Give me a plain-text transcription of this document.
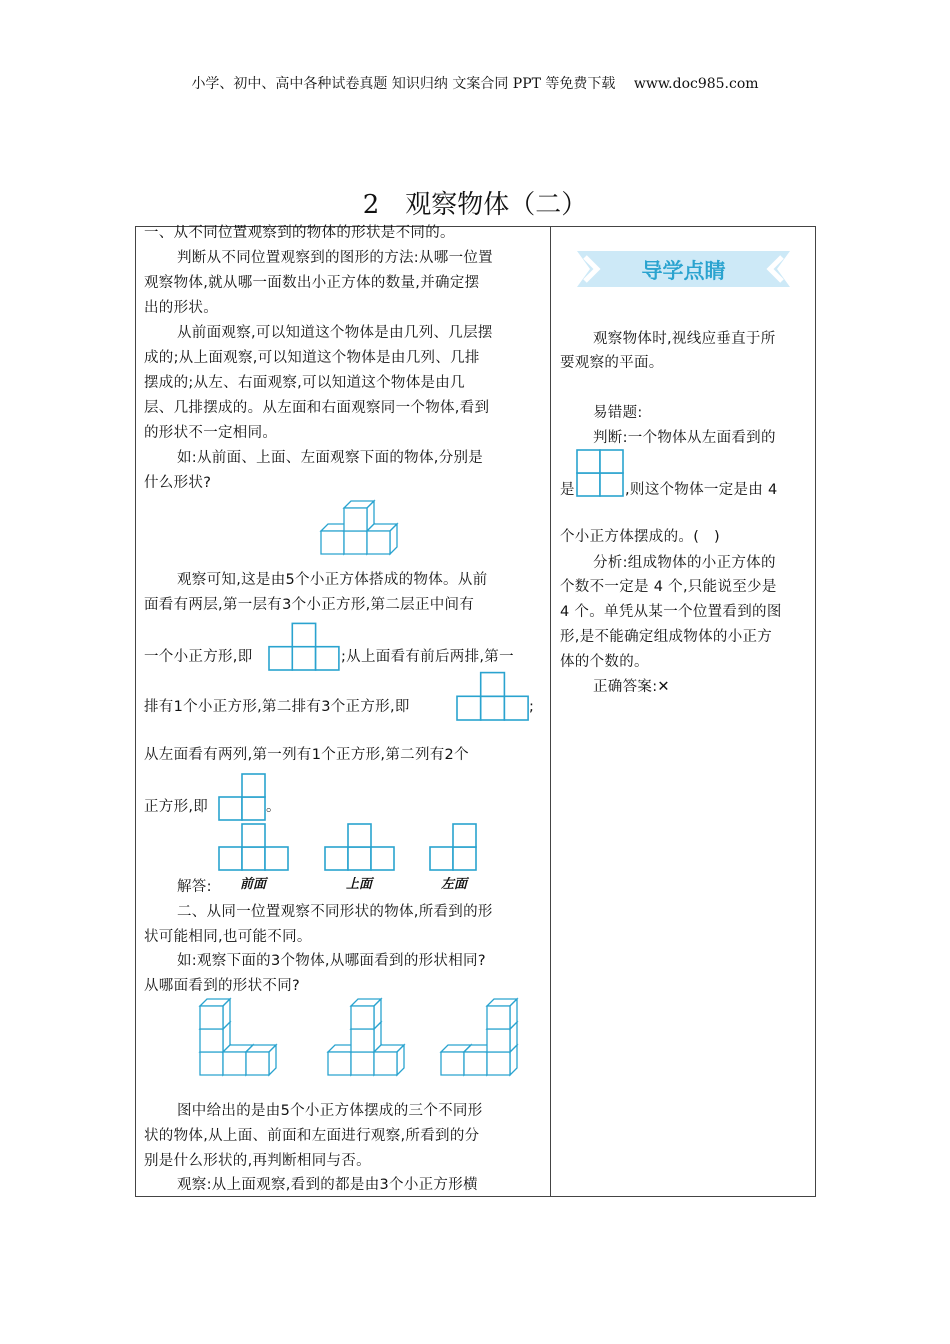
小学、初中、高中各种试卷真题 知识归纳 文案合同 PPT 等免费下载　 www.doc985.com
2　观察物体（二）
一、从不同位置观察到的物体的形状是不同的。
判断从不同位置观察到的图形的方法:从哪一位置
观察物体,就从哪一面数出小正方体的数量,并确定摆
出的形状。
从前面观察,可以知道这个物体是由几列、几层摆
成的;从上面观察,可以知道这个物体是由几列、几排
摆成的;从左、右面观察,可以知道这个物体是由几
层、几排摆成的。从左面和右面观察同一个物体,看到
的形状不一定相同。
如:从前面、上面、左面观察下面的物体,分别是
什么形状?
观察可知,这是由5个小正方体搭成的物体。从前
面看有两层,第一层有3个小正方形,第二层正中间有
一个小正方形,即	;从上面看有前后两排,第一
排有1个小正方形,第二排有3个正方形,即	;
从左面看有两列,第一列有1个正方形,第二列有2个
正方形,即	。
解答: 前面	上面	左面
二、从同一位置观察不同形状的物体,所看到的形
状可能相同,也可能不同。
如:观察下面的3个物体,从哪面看到的形状相同?
从哪面看到的形状不同?
图中给出的是由5个小正方体摆成的三个不同形
状的物体,从上面、前面和左面进行观察,所看到的分
别是什么形状的,再判断相同与否。
观察:从上面观察,看到的都是由3个小正方形横
导学点睛
观察物体时,视线应垂直于所
要观察的平面。
易错题:
判断:一个物体从左面看到的
是	,则这个物体一定是由 4
个小正方体摆成的。(　)
分析:组成物体的小正方体的
个数不一定是 4 个,只能说至少是
4 个。单凭从某一个位置看到的图
形,是不能确定组成物体的小正方
体的个数的。
正确答案:✕
